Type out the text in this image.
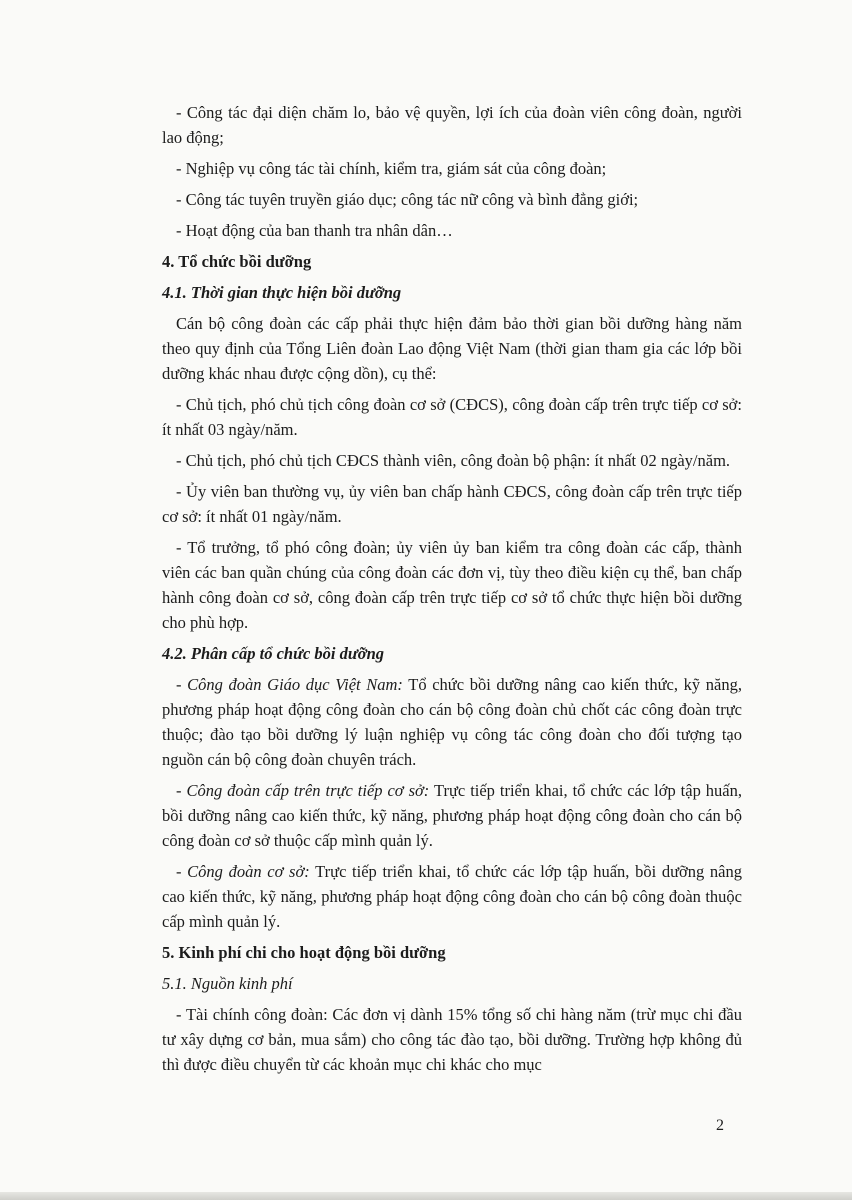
- Công tác đại diện chăm lo, bảo vệ quyền, lợi ích của đoàn viên công đoàn, người lao động;

- Nghiệp vụ công tác tài chính, kiểm tra, giám sát của công đoàn;

- Công tác tuyên truyền giáo dục; công tác nữ công và bình đẳng giới;

- Hoạt động của ban thanh tra nhân dân…

4. Tổ chức bồi dưỡng

4.1. Thời gian thực hiện bồi dưỡng

Cán bộ công đoàn các cấp phải thực hiện đảm bảo thời gian bồi dưỡng hàng năm theo quy định của Tổng Liên đoàn Lao động Việt Nam (thời gian tham gia các lớp bồi dưỡng khác nhau được cộng dồn), cụ thể:

- Chủ tịch, phó chủ tịch công đoàn cơ sở (CĐCS), công đoàn cấp trên trực tiếp cơ sở: ít nhất 03 ngày/năm.

- Chủ tịch, phó chủ tịch CĐCS thành viên, công đoàn bộ phận: ít nhất 02 ngày/năm.

- Ủy viên ban thường vụ, ủy viên ban chấp hành CĐCS, công đoàn cấp trên trực tiếp cơ sở: ít nhất 01 ngày/năm.

- Tổ trưởng, tổ phó công đoàn; ủy viên ủy ban kiểm tra công đoàn các cấp, thành viên các ban quần chúng của công đoàn các đơn vị, tùy theo điều kiện cụ thể, ban chấp hành công đoàn cơ sở, công đoàn cấp trên trực tiếp cơ sở tổ chức thực hiện bồi dưỡng cho phù hợp.

4.2. Phân cấp tổ chức bồi dưỡng

- Công đoàn Giáo dục Việt Nam: Tổ chức bồi dưỡng nâng cao kiến thức, kỹ năng, phương pháp hoạt động công đoàn cho cán bộ công đoàn chủ chốt các công đoàn trực thuộc; đào tạo bồi dưỡng lý luận nghiệp vụ công tác công đoàn cho đối tượng tạo nguồn cán bộ công đoàn chuyên trách.

- Công đoàn cấp trên trực tiếp cơ sở: Trực tiếp triển khai, tổ chức các lớp tập huấn, bồi dưỡng nâng cao kiến thức, kỹ năng, phương pháp hoạt động công đoàn cho cán bộ công đoàn cơ sở thuộc cấp mình quản lý.

- Công đoàn cơ sở: Trực tiếp triển khai, tổ chức các lớp tập huấn, bồi dưỡng nâng cao kiến thức, kỹ năng, phương pháp hoạt động công đoàn cho cán bộ công đoàn thuộc cấp mình quản lý.

5. Kinh phí chi cho hoạt động bồi dưỡng

5.1. Nguồn kinh phí

- Tài chính công đoàn: Các đơn vị dành 15% tổng số chi hàng năm (trừ mục chi đầu tư xây dựng cơ bản, mua sắm) cho công tác đào tạo, bồi dưỡng. Trường hợp không đủ thì được điều chuyển từ các khoản mục chi khác cho mục

2
